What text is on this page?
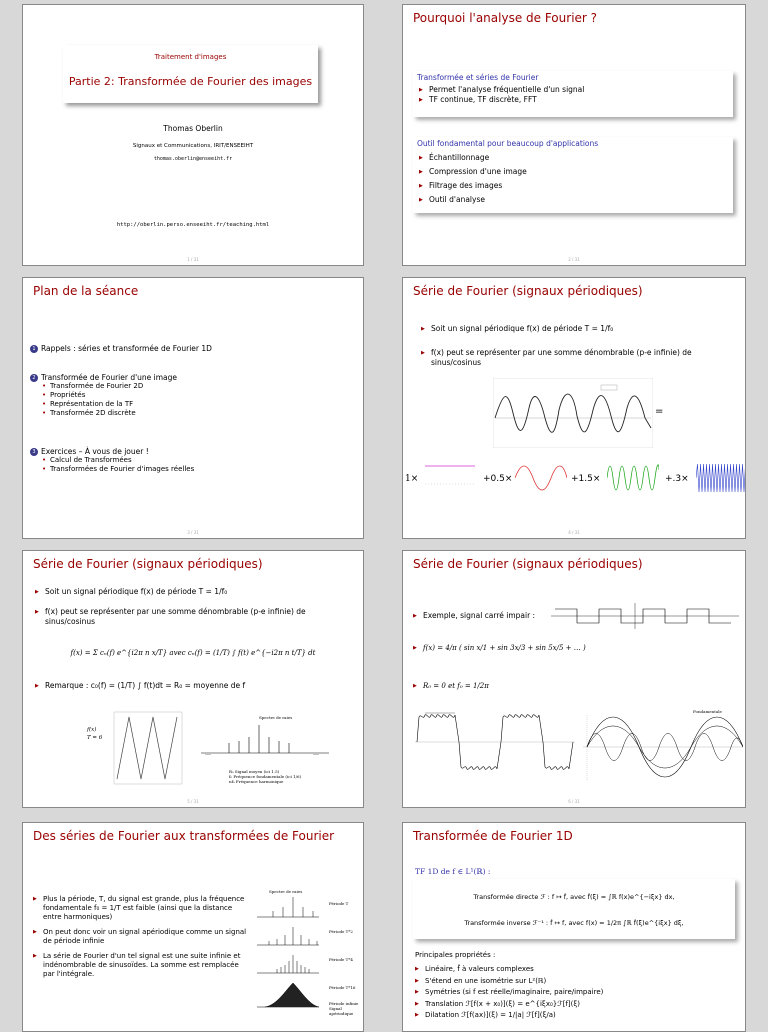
Traitement d'images
Partie 2: Transformée de Fourier des images
Thomas Oberlin
Signaux et Communications, IRIT/ENSEEIHT
thomas.oberlin@enseeiht.fr
http://oberlin.perso.enseeiht.fr/teaching.html
1 / 31
Pourquoi l'analyse de Fourier ?
Transformée et séries de Fourier
▶ Permet l'analyse fréquentielle d'un signal
▶ TF continue, TF discrète, FFT
Outil fondamental pour beaucoup d'applications
▶ Échantillonnage
▶ Compression d'une image
▶ Filtrage des images
▶ Outil d'analyse
2 / 31
Plan de la séance
1 Rappels : séries et transformée de Fourier 1D
2 Transformée de Fourier d'une image
• Transformée de Fourier 2D
• Propriétés
• Représentation de la TF
• Transformée 2D discrète
3 Exercices – À vous de jouer !
• Calcul de Transformées
• Transformées de Fourier d'images réelles
3 / 31
Série de Fourier (signaux périodiques)
▶ Soit un signal périodique f(x) de période T = 1/f₀
▶ f(x) peut se représenter par une somme dénombrable (p-e infinie) de sinus/cosinus
=
1×	+0.5×	+1.5×	+.3×
4 / 31
Série de Fourier (signaux périodiques)
▶ Soit un signal périodique f(x) de période T = 1/f₀
▶ f(x) peut se représenter par une somme dénombrable (p-e infinie) de sinus/cosinus
f(x) = Σ cₙ(f) e^{i2π n x/T} avec cₙ(f) = (1/T) ∫ f(t) e^{−i2π n t/T} dt
▶ Remarque : c₀(f) = (1/T) ∫ f(t)dt = R₀ = moyenne de f
f(x)
T = 6
Spectre de raies
…	…
R₀ Signal moyen (ici 1.5)
f₀ Fréquence fondamentale (ici 1/6)
nf₀ Fréquence harmonique
5 / 31
Série de Fourier (signaux périodiques)
▶ Exemple, signal carré impair :
▶ f(x) = 4/π ( sin x/1 + sin 3x/3 + sin 5x/5 + … )
▶ R₀ = 0 et f₀ = 1/2π
Fondamentale
6 / 31
Des séries de Fourier aux transformées de Fourier
▶ Plus la période, T, du signal est grande, plus la fréquence fondamentale f₀ = 1/T est faible (ainsi que la distance entre harmoniques)
▶ On peut donc voir un signal apériodique comme un signal de période infinie
▶ La série de Fourier d'un tel signal est une suite infinie et indénombrable de sinusoïdes. La somme est remplacée par l'intégrale.
Spectre de raies
Période T
Période T*2
Période T*4
Période T*16
Période infinie Signal apériodique
Transformée de Fourier 1D
TF 1D de f ∈ L¹(ℝ) :
Transformée directe ℱ : f ↦ f̂, avec f̂(ξ) = ∫ℝ f(x)e^{−iξx} dx,
Transformée inverse ℱ⁻¹ : f̂ ↦ f, avec f(x) = 1/2π ∫ℝ f̂(ξ)e^{iξx} dξ,
Principales propriétés :
▶ Linéaire, f̂ à valeurs complexes
▶ S'étend en une isométrie sur L²(ℝ)
▶ Symétries (si f est réelle/imaginaire, paire/impaire)
▶ Translation ℱ[f(x + x₀)](ξ) = e^{iξx₀}ℱ[f](ξ)
▶ Dilatation ℱ[f(ax)](ξ) = 1/|a| ℱ[f](ξ/a)
